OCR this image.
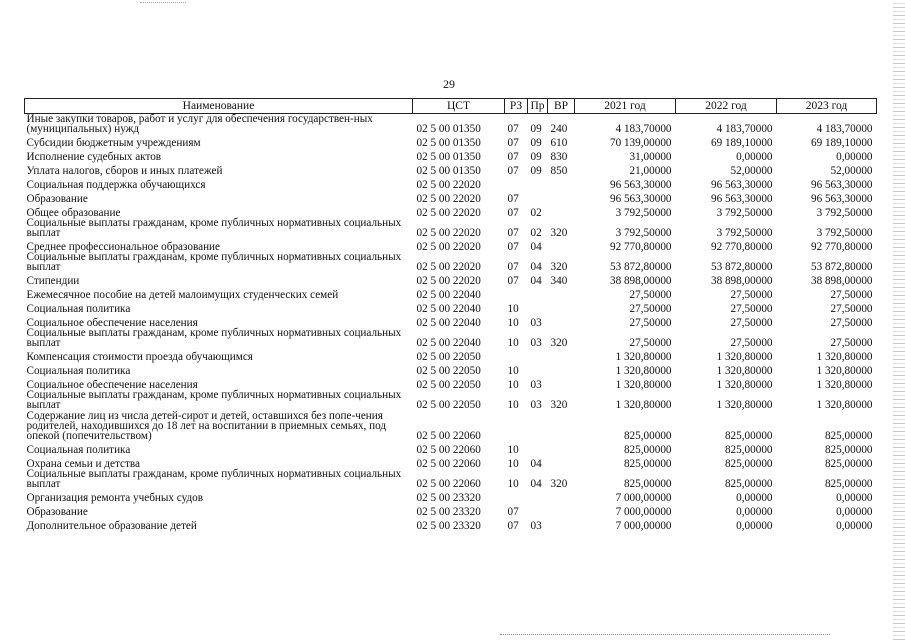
29
Наименование	ЦСТ	РЗ	Пр	ВР	2021 год	2022 год	2023 год
Иные закупки товаров, работ и услуг для обеспечения государствен-ных (муниципальных) нужд	02 5 00 01350	07	09	240	4 183,70000	4 183,70000	4 183,70000
Субсидии бюджетным учреждениям	02 5 00 01350	07	09	610	70 139,00000	69 189,10000	69 189,10000
Исполнение судебных актов	02 5 00 01350	07	09	830	31,00000	0,00000	0,00000
Уплата налогов, сборов и иных платежей	02 5 00 01350	07	09	850	21,00000	52,00000	52,00000
Социальная поддержка обучающихся	02 5 00 22020				96 563,30000	96 563,30000	96 563,30000
Образование	02 5 00 22020	07			96 563,30000	96 563,30000	96 563,30000
Общее образование	02 5 00 22020	07	02		3 792,50000	3 792,50000	3 792,50000
Социальные выплаты гражданам, кроме публичных нормативных социальных выплат	02 5 00 22020	07	02	320	3 792,50000	3 792,50000	3 792,50000
Среднее профессиональное образование	02 5 00 22020	07	04		92 770,80000	92 770,80000	92 770,80000
Социальные выплаты гражданам, кроме публичных нормативных социальных выплат	02 5 00 22020	07	04	320	53 872,80000	53 872,80000	53 872,80000
Стипендии	02 5 00 22020	07	04	340	38 898,00000	38 898,00000	38 898,00000
Ежемесячное пособие на детей малоимущих студенческих семей	02 5 00 22040				27,50000	27,50000	27,50000
Социальная политика	02 5 00 22040	10			27,50000	27,50000	27,50000
Социальное обеспечение населения	02 5 00 22040	10	03		27,50000	27,50000	27,50000
Социальные выплаты гражданам, кроме публичных нормативных социальных выплат	02 5 00 22040	10	03	320	27,50000	27,50000	27,50000
Компенсация стоимости проезда обучающимся	02 5 00 22050				1 320,80000	1 320,80000	1 320,80000
Социальная политика	02 5 00 22050	10			1 320,80000	1 320,80000	1 320,80000
Социальное обеспечение населения	02 5 00 22050	10	03		1 320,80000	1 320,80000	1 320,80000
Социальные выплаты гражданам, кроме публичных нормативных социальных выплат	02 5 00 22050	10	03	320	1 320,80000	1 320,80000	1 320,80000
Содержание лиц из числа детей-сирот и детей, оставшихся без попе-чения родителей, находившихся до 18 лет на воспитании в приемных семьях, под опекой (попечительством)	02 5 00 22060				825,00000	825,00000	825,00000
Социальная политика	02 5 00 22060	10			825,00000	825,00000	825,00000
Охрана семьи и детства	02 5 00 22060	10	04		825,00000	825,00000	825,00000
Социальные выплаты гражданам, кроме публичных нормативных социальных выплат	02 5 00 22060	10	04	320	825,00000	825,00000	825,00000
Организация ремонта учебных судов	02 5 00 23320				7 000,00000	0,00000	0,00000
Образование	02 5 00 23320	07			7 000,00000	0,00000	0,00000
Дополнительное образование детей	02 5 00 23320	07	03		7 000,00000	0,00000	0,00000
